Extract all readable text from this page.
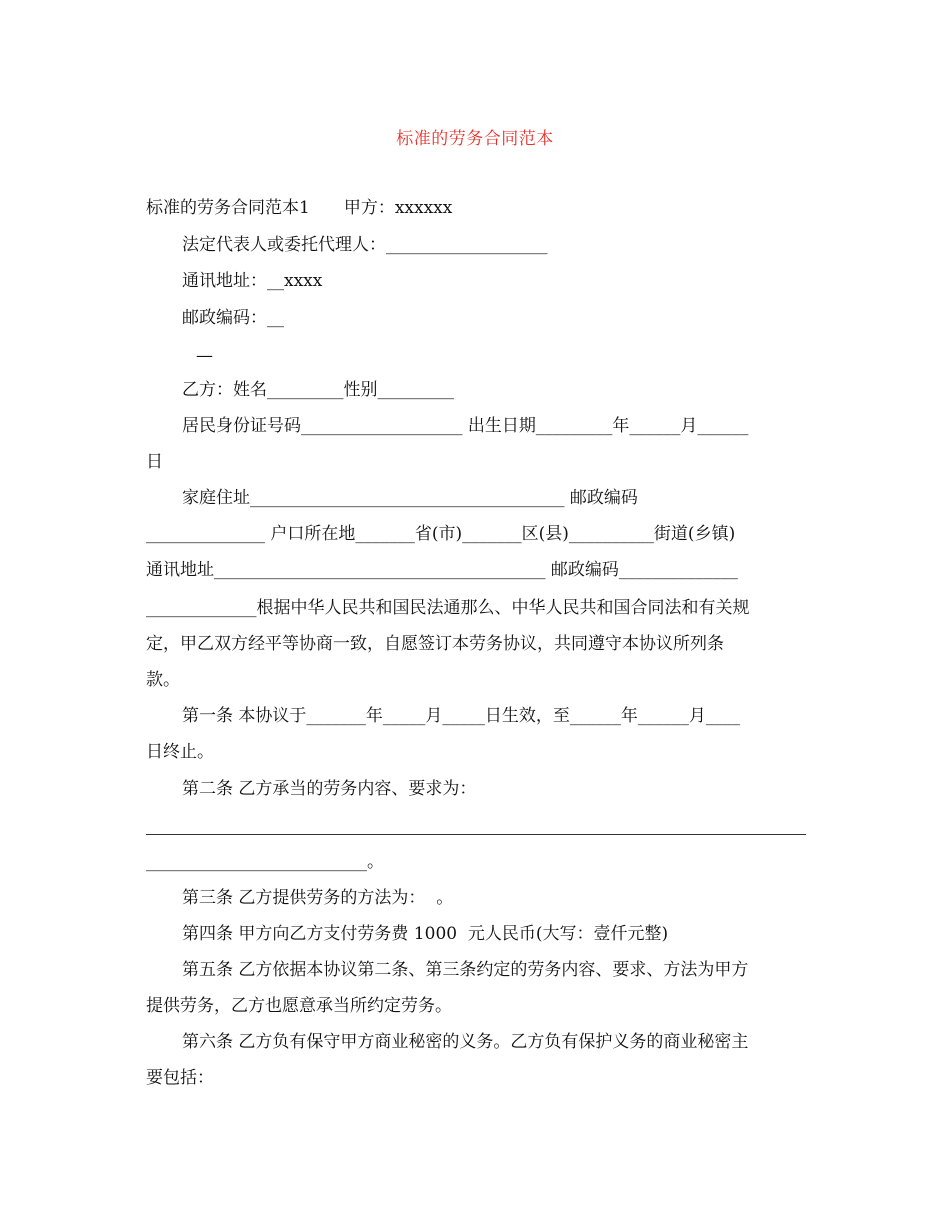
标准的劳务合同范本
标准的劳务合同范本1　　甲方：xxxxxx
法定代表人或委托代理人：___________________
通讯地址：__xxxx
邮政编码：__
—
乙方：姓名_________性别_________
居民身份证号码___________________ 出生日期_________年______月______
日
家庭住址_____________________________________ 邮政编码
______________ 户口所在地_______省(市)_______区(县)__________街道(乡镇)
通讯地址_______________________________________ 邮政编码______________
_____________根据中华人民共和国民法通那么、中华人民共和国合同法和有关规
定，甲乙双方经平等协商一致，自愿签订本劳务协议，共同遵守本协议所列条
款。
第一条 本协议于_______年_____月_____日生效，至______年______月____
日终止。
第二条 乙方承当的劳务内容、要求为：
__________________________。
第三条 乙方提供劳务的方法为：  。
第四条 甲方向乙方支付劳务费 1000  元人民币(大写：壹仟元整)
第五条 乙方依据本协议第二条、第三条约定的劳务内容、要求、方法为甲方
提供劳务，乙方也愿意承当所约定劳务。
第六条 乙方负有保守甲方商业秘密的义务。乙方负有保护义务的商业秘密主
要包括：
